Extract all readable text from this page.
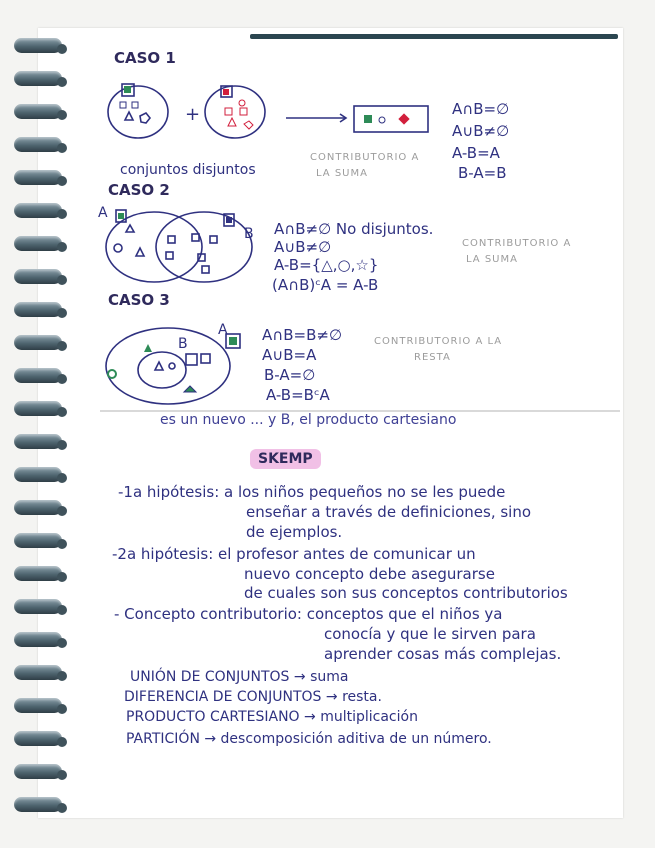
CASO 1
+
conjuntos disjuntos
CONTRIBUTORIO A
LA SUMA
A∩B=∅
A∪B≠∅
A-B=A
B-A=B
CASO 2
A
B A∩B≠∅ No disjuntos.
A∪B≠∅
A-B={△,○,☆}
(A∩B)ᶜA = A-B
CONTRIBUTORIO A
LA SUMA
CASO 3
B
A A∩B=B≠∅
A∪B=A
B-A=∅
A-B=BᶜA
CONTRIBUTORIO A LA
RESTA
es un nuevo ... y B, el producto cartesiano
SKEMP
-1a hipótesis: a los niños pequeños no se les puede
enseñar a través de definiciones, sino
de ejemplos.
-2a hipótesis: el profesor antes de comunicar un
nuevo concepto debe asegurarse
de cuales son sus conceptos contributorios
- Concepto contributorio: conceptos que el niños ya
conocía y que le sirven para
aprender cosas más complejas.
UNIÓN DE CONJUNTOS → suma
DIFERENCIA DE CONJUNTOS → resta.
PRODUCTO CARTESIANO → multiplicación
PARTICIÓN → descomposición aditiva de un número.
